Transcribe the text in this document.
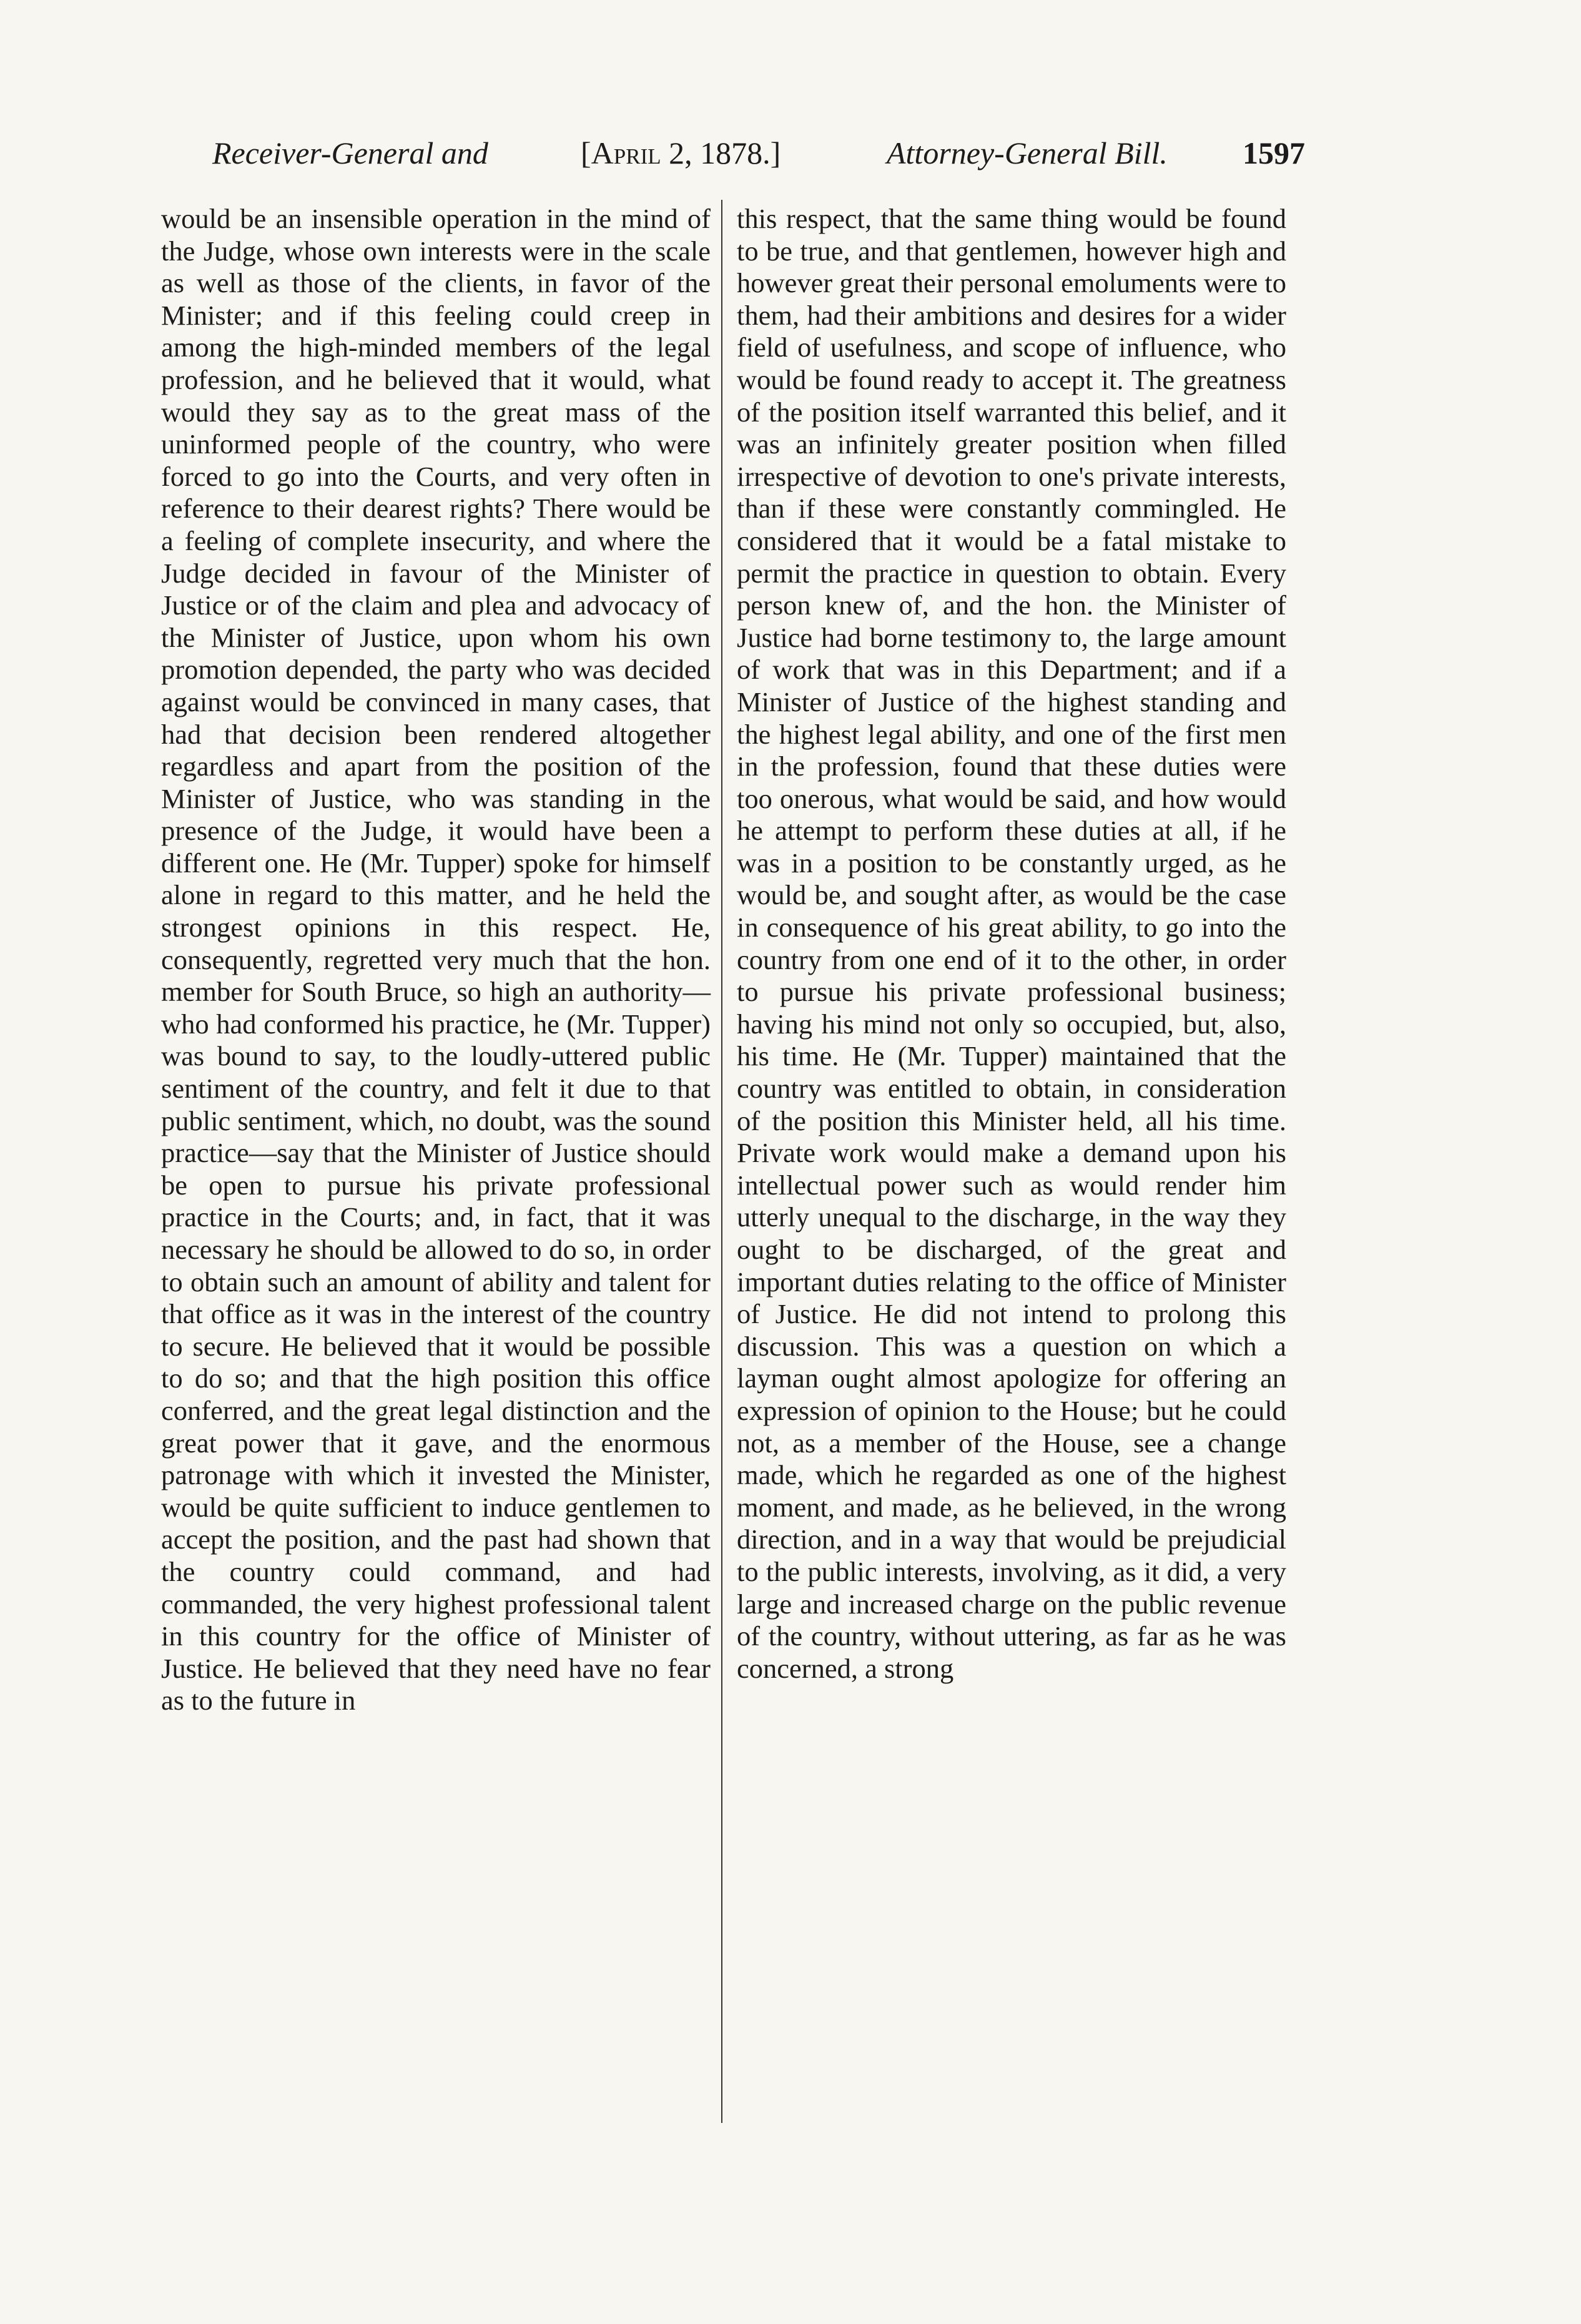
Receiver-General and	[April 2, 1878.]	Attorney-General Bill. 1597

would be an insensible operation in the mind of the Judge, whose own interests were in the scale as well as those of the clients, in favor of the Minister; and if this feeling could creep in among the high-minded members of the legal profession, and he believed that it would, what would they say as to the great mass of the uninformed people of the country, who were forced to go into the Courts, and very often in reference to their dearest rights? There would be a feeling of complete insecurity, and where the Judge decided in favour of the Minister of Justice or of the claim and plea and advocacy of the Minister of Justice, upon whom his own promotion depended, the party who was decided against would be convinced in many cases, that had that decision been rendered altogether regardless and apart from the position of the Minister of Justice, who was standing in the presence of the Judge, it would have been a different one. He (Mr. Tupper) spoke for himself alone in regard to this matter, and he held the strongest opinions in this respect. He, consequently, regretted very much that the hon. member for South Bruce, so high an authority—who had conformed his practice, he (Mr. Tupper) was bound to say, to the loudly-uttered public sentiment of the country, and felt it due to that public sentiment, which, no doubt, was the sound practice—say that the Minister of Justice should be open to pursue his private professional practice in the Courts; and, in fact, that it was necessary he should be allowed to do so, in order to obtain such an amount of ability and talent for that office as it was in the interest of the country to secure. He believed that it would be possible to do so; and that the high position this office conferred, and the great legal distinction and the great power that it gave, and the enormous patronage with which it invested the Minister, would be quite sufficient to induce gentlemen to accept the position, and the past had shown that the country could command, and had commanded, the very highest professional talent in this country for the office of Minister of Justice. He believed that they need have no fear as to the future in

this respect, that the same thing would be found to be true, and that gentlemen, however high and however great their personal emoluments were to them, had their ambitions and desires for a wider field of usefulness, and scope of influence, who would be found ready to accept it. The greatness of the position itself warranted this belief, and it was an infinitely greater position when filled irrespective of devotion to one's private interests, than if these were constantly commingled. He considered that it would be a fatal mistake to permit the practice in question to obtain. Every person knew of, and the hon. the Minister of Justice had borne testimony to, the large amount of work that was in this Department; and if a Minister of Justice of the highest standing and the highest legal ability, and one of the first men in the profession, found that these duties were too onerous, what would be said, and how would he attempt to perform these duties at all, if he was in a position to be constantly urged, as he would be, and sought after, as would be the case in consequence of his great ability, to go into the country from one end of it to the other, in order to pursue his private professional business; having his mind not only so occupied, but, also, his time. He (Mr. Tupper) maintained that the country was entitled to obtain, in consideration of the position this Minister held, all his time. Private work would make a demand upon his intellectual power such as would render him utterly unequal to the discharge, in the way they ought to be discharged, of the great and important duties relating to the office of Minister of Justice. He did not intend to prolong this discussion. This was a question on which a layman ought almost apologize for offering an expression of opinion to the House; but he could not, as a member of the House, see a change made, which he regarded as one of the highest moment, and made, as he believed, in the wrong direction, and in a way that would be prejudicial to the public interests, involving, as it did, a very large and increased charge on the public revenue of the country, without uttering, as far as he was concerned, a strong
